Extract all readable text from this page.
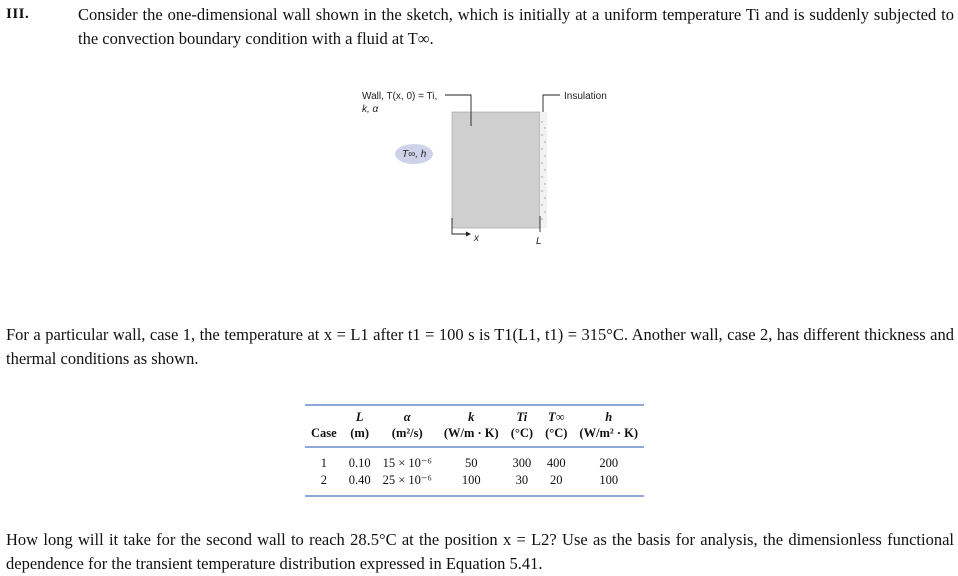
III.	Consider the one-dimensional wall shown in the sketch, which is initially at a uniform temperature Ti and is suddenly subjected to the convection boundary condition with a fluid at T∞.
Wall, T(x, 0) = Ti,
k, α
T∞, h
Insulation
x	L
For a particular wall, case 1, the temperature at x = L1 after t1 = 100 s is T1(L1, t1) = 315°C. Another wall, case 2, has different thickness and thermal conditions as shown.
	L	α	k	Ti	T∞	h
Case	(m)	(m²/s)	(W/m · K)	(°C)	(°C)	(W/m² · K)
1	0.10	15 × 10⁻⁶	50	300	400	200
2	0.40	25 × 10⁻⁶	100	30	20	100
How long will it take for the second wall to reach 28.5°C at the position x = L2? Use as the basis for analysis, the dimensionless functional dependence for the transient temperature distribution expressed in Equation 5.41.
